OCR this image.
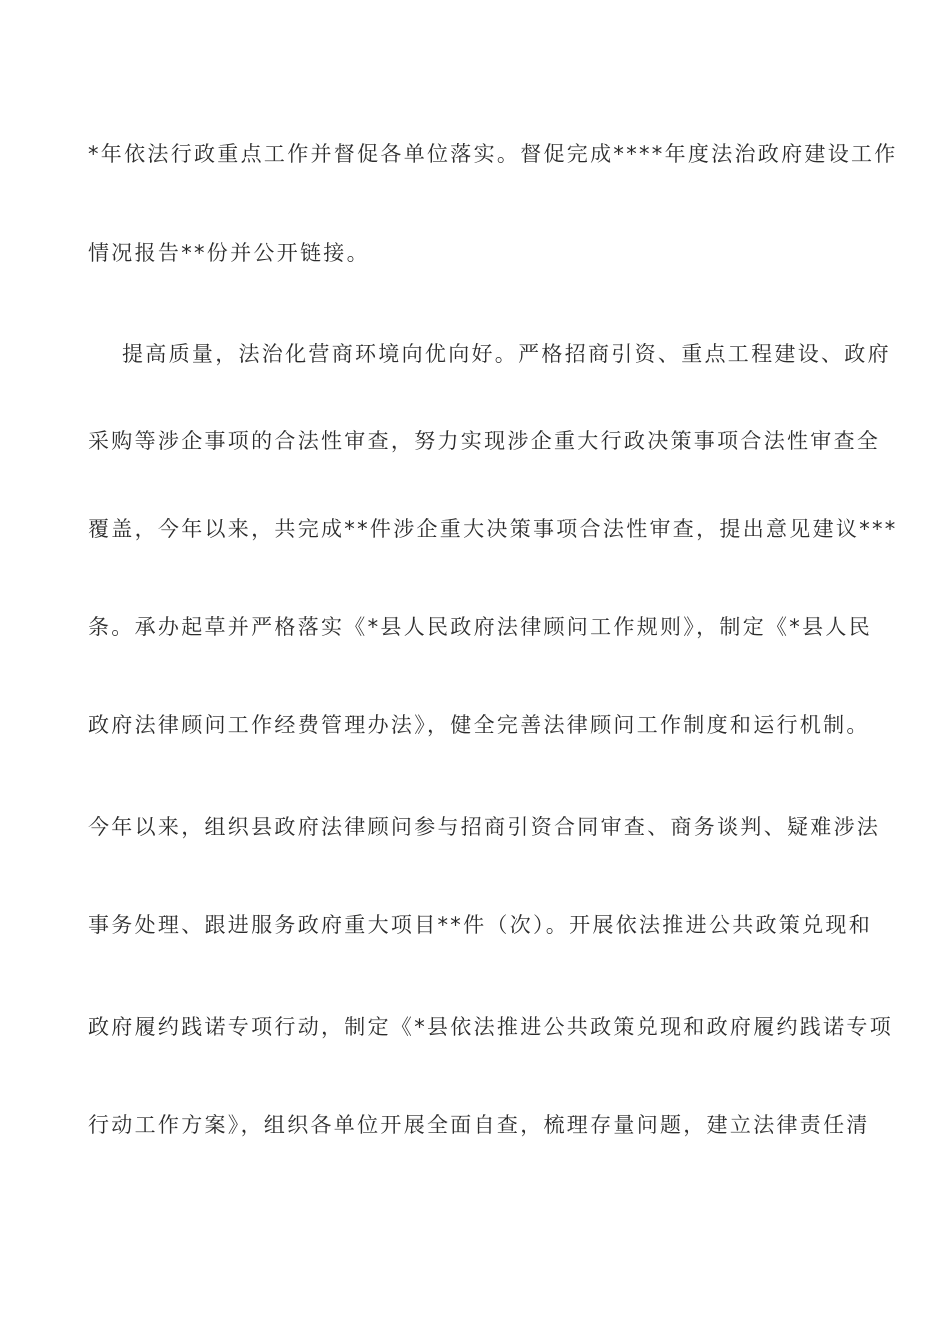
*年依法行政重点工作并督促各单位落实。督促完成****年度法治政府建设工作
情况报告**份并公开链接。
提高质量，法治化营商环境向优向好。严格招商引资、重点工程建设、政府
采购等涉企事项的合法性审查，努力实现涉企重大行政决策事项合法性审查全
覆盖，今年以来，共完成**件涉企重大决策事项合法性审查，提出意见建议***
条。承办起草并严格落实《*县人民政府法律顾问工作规则》，制定《*县人民
政府法律顾问工作经费管理办法》，健全完善法律顾问工作制度和运行机制。
今年以来，组织县政府法律顾问参与招商引资合同审查、商务谈判、疑难涉法
事务处理、跟进服务政府重大项目**件（次）。开展依法推进公共政策兑现和
政府履约践诺专项行动，制定《*县依法推进公共政策兑现和政府履约践诺专项
行动工作方案》，组织各单位开展全面自查，梳理存量问题，建立法律责任清
